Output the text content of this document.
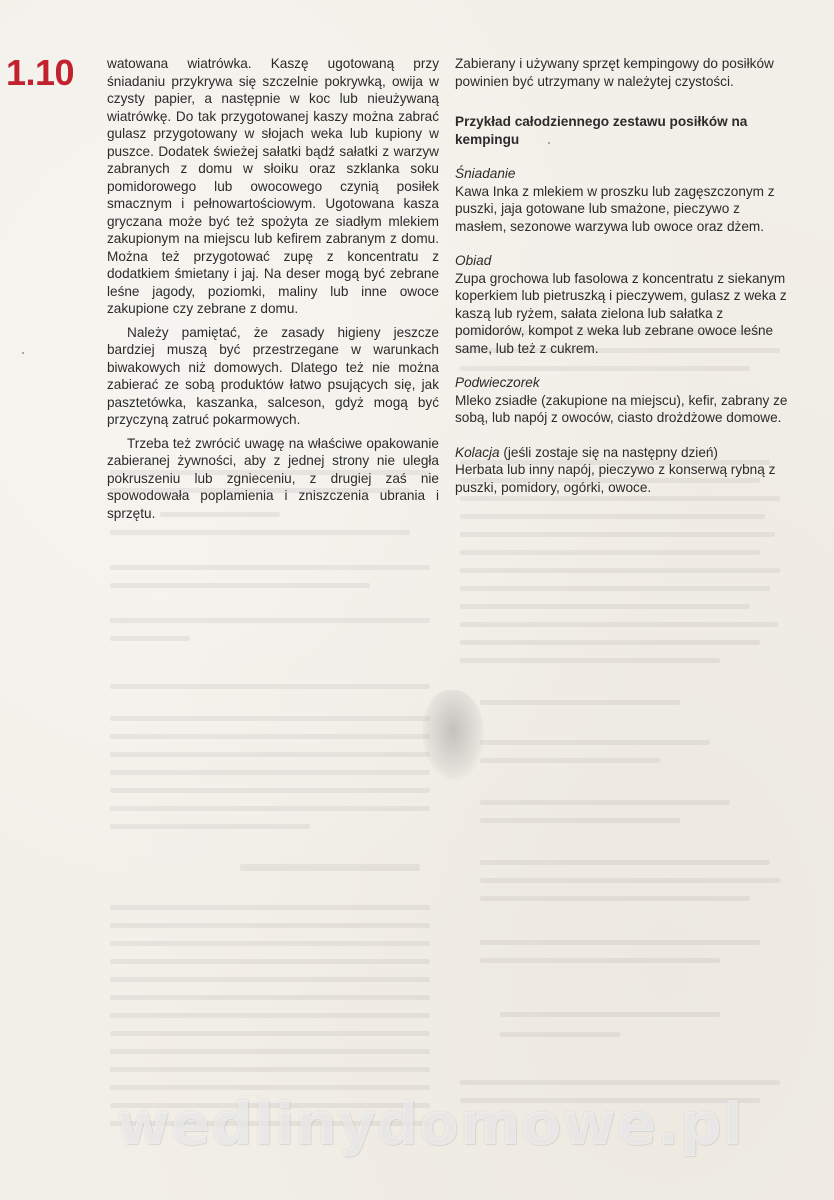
1.10 watowana wiatrówka. Kaszę ugotowaną przy śniadaniu przykrywa się szczelnie pokrywką, owija w czysty papier, a następnie w koc lub nieużywaną wiatrówkę. Do tak przygotowanej kaszy można zabrać gulasz przygotowany w słojach weka lub kupiony w puszce. Dodatek świeżej sałatki bądź sałatki z warzyw zabranych z domu w słoiku oraz szklanka soku pomidorowego lub owocowego czynią posiłek smacznym i pełnowartościowym. Ugotowana kasza gryczana może być też spożyta ze siadłym mlekiem zakupionym na miejscu lub kefirem zabranym z domu. Można też przygotować zupę z koncentratu z dodatkiem śmietany i jaj. Na deser mogą być zebrane leśne jagody, poziomki, maliny lub inne owoce zakupione czy zebrane z domu.

Należy pamiętać, że zasady higieny jeszcze bardziej muszą być przestrzegane w warunkach biwakowych niż domowych. Dlatego też nie można zabierać ze sobą produktów łatwo psujących się, jak pasztetówka, kaszanka, salceson, gdyż mogą być przyczyną zatruć pokarmowych.

Trzeba też zwrócić uwagę na właściwe opakowanie zabieranej żywności, aby z jednej strony nie uległa pokruszeniu lub zgnieceniu, z drugiej zaś nie spowodowała poplamienia i zniszczenia ubrania i sprzętu.

Zabierany i używany sprzęt kempingowy do posiłków powinien być utrzymany w należytej czystości.

Przykład całodziennego zestawu posiłków na kempingu

Śniadanie

Kawa Inka z mlekiem w proszku lub zagęszczonym z puszki, jaja gotowane lub smażone, pieczywo z masłem, sezonowe warzywa lub owoce oraz dżem.

Obiad

Zupa grochowa lub fasolowa z koncentratu z siekanym koperkiem lub pietruszką i pieczywem, gulasz z weka z kaszą lub ryżem, sałata zielona lub sałatka z pomidorów, kompot z weka lub zebrane owoce leśne same, lub też z cukrem.

Podwieczorek

Mleko zsiadłe (zakupione na miejscu), kefir, zabrany ze sobą, lub napój z owoców, ciasto drożdżowe domowe.

Kolacja (jeśli zostaje się na następny dzień)

Herbata lub inny napój, pieczywo z konserwą rybną z puszki, pomidory, ogórki, owoce.

wedlinydomowe.pl
